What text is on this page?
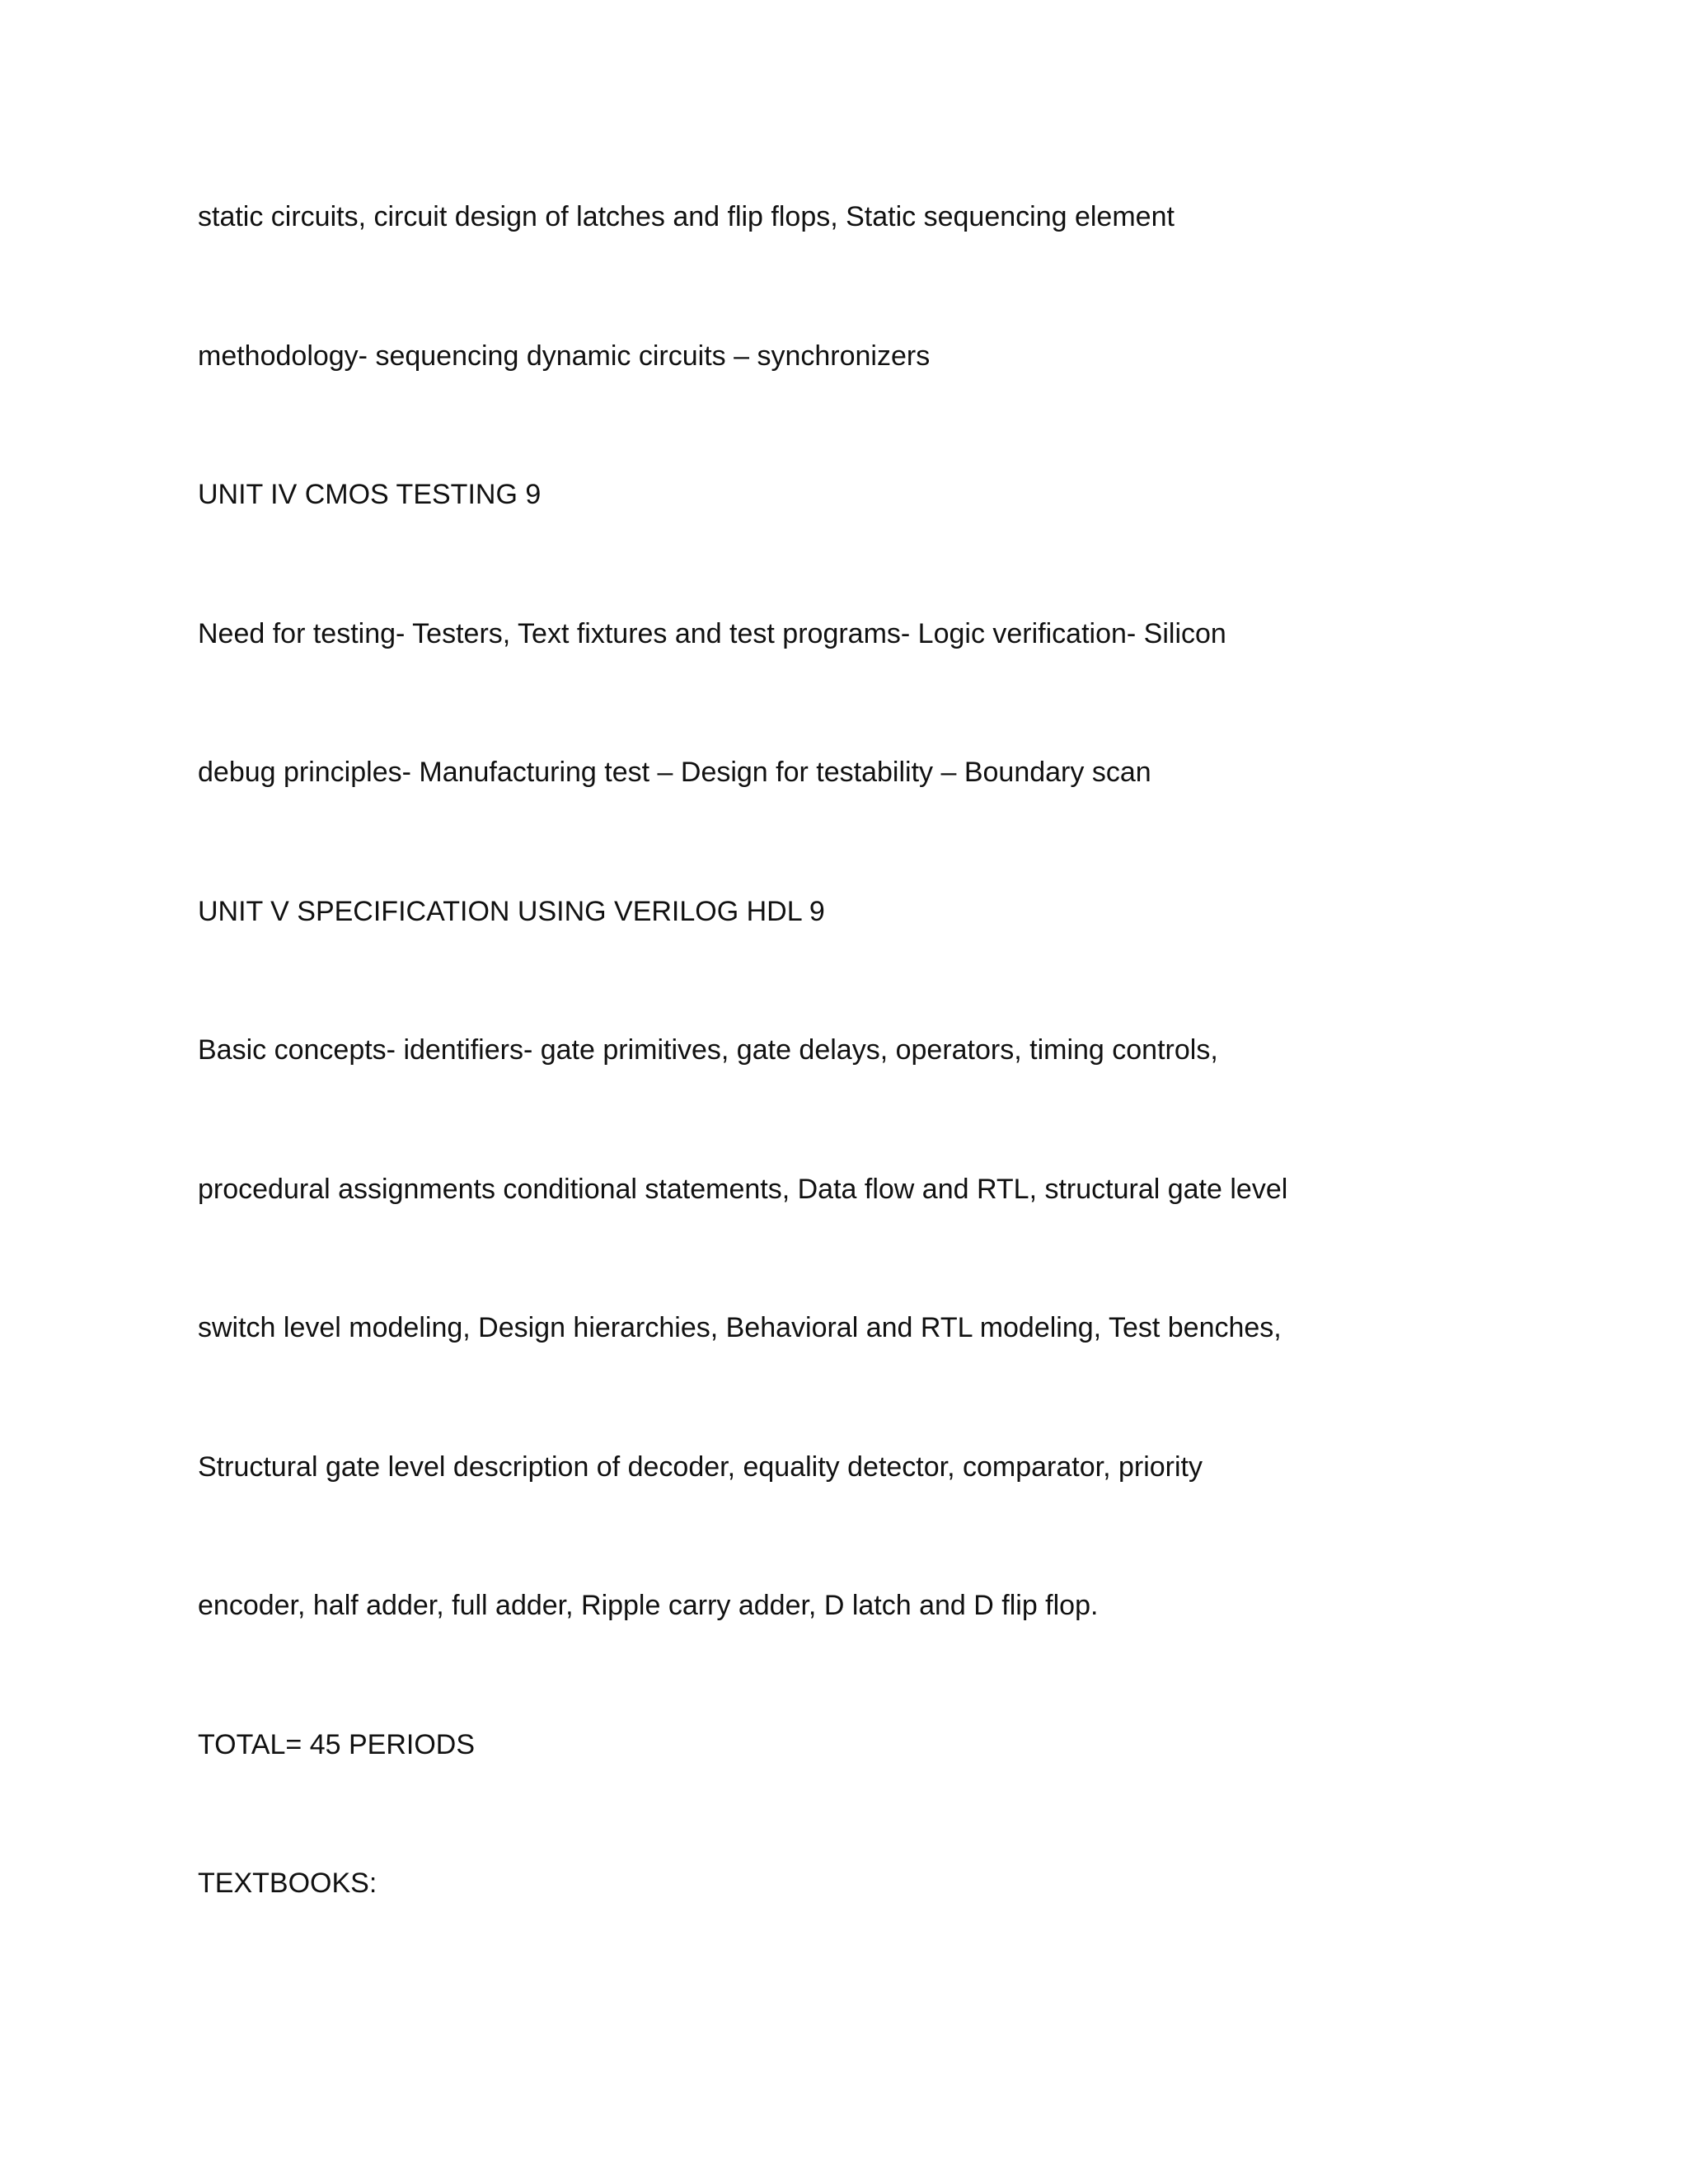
static circuits, circuit design of latches and flip flops, Static sequencing element
methodology- sequencing dynamic circuits – synchronizers
UNIT IV CMOS TESTING 9
Need for testing- Testers, Text fixtures and test programs- Logic verification- Silicon
debug principles- Manufacturing test – Design for testability – Boundary scan
UNIT V SPECIFICATION USING VERILOG HDL 9
Basic concepts- identifiers- gate primitives, gate delays, operators, timing controls,
procedural assignments conditional statements, Data flow and RTL, structural gate level
switch level modeling, Design hierarchies, Behavioral and RTL modeling, Test benches,
Structural gate level description of decoder, equality detector, comparator, priority
encoder, half adder, full adder, Ripple carry adder, D latch and D flip flop.
TOTAL= 45 PERIODS
TEXTBOOKS:
